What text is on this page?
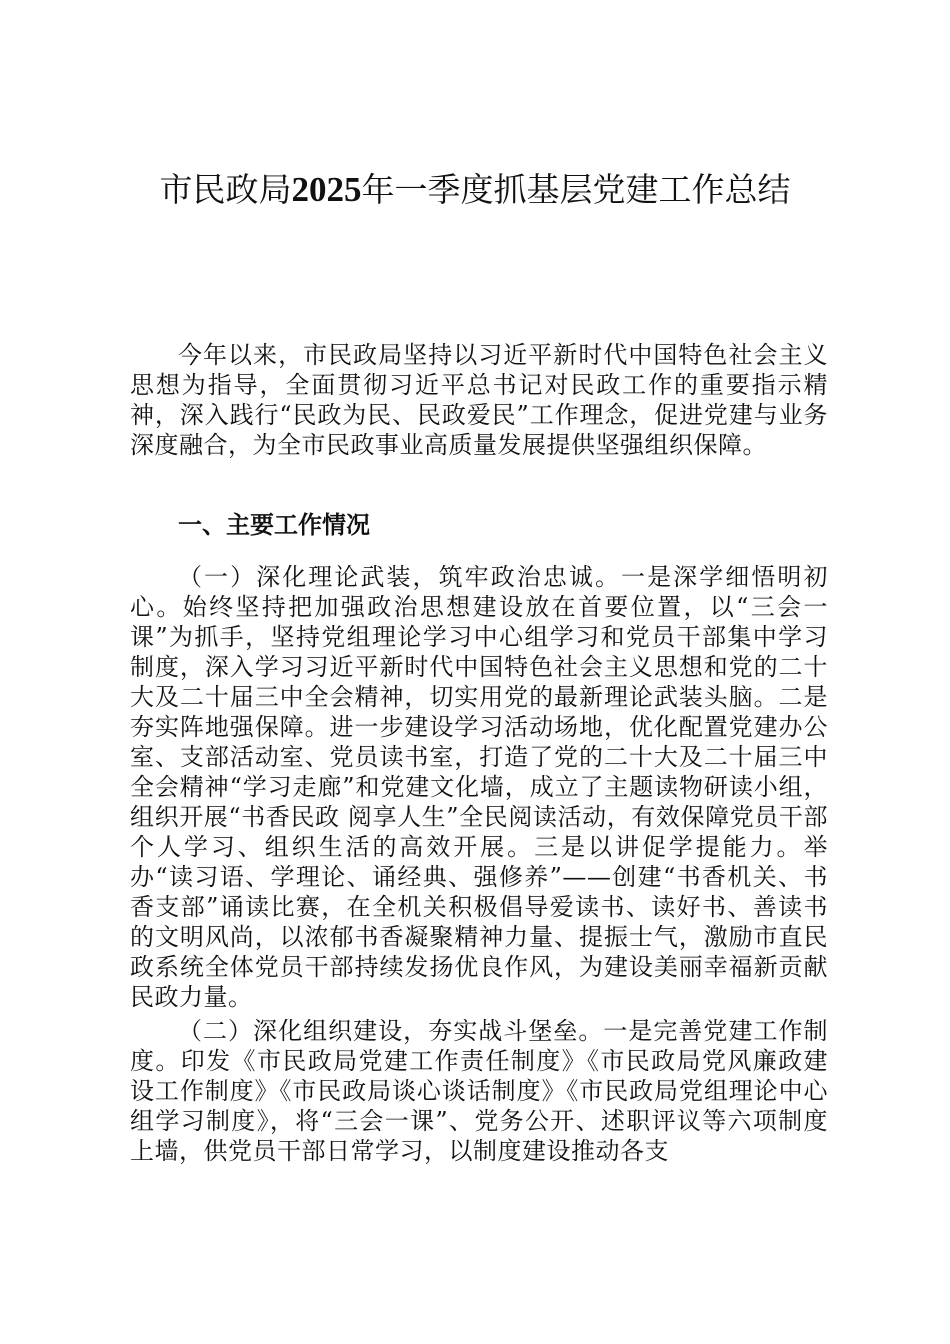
市民政局2025年一季度抓基层党建工作总结

今年以来，市民政局坚持以习近平新时代中国特色社会主义思想为指导，全面贯彻习近平总书记对民政工作的重要指示精神，深入践行“民政为民、民政爱民”工作理念，促进党建与业务深度融合，为全市民政事业高质量发展提供坚强组织保障。

一、主要工作情况

（一）深化理论武装，筑牢政治忠诚。一是深学细悟明初心。始终坚持把加强政治思想建设放在首要位置，以“三会一课”为抓手，坚持党组理论学习中心组学习和党员干部集中学习制度，深入学习习近平新时代中国特色社会主义思想和党的二十大及二十届三中全会精神，切实用党的最新理论武装头脑。二是夯实阵地强保障。进一步建设学习活动场地，优化配置党建办公室、支部活动室、党员读书室，打造了党的二十大及二十届三中全会精神“学习走廊”和党建文化墙，成立了主题读物研读小组，组织开展“书香民政 阅享人生”全民阅读活动，有效保障党员干部个人学习、组织生活的高效开展。三是以讲促学提能力。举办“读习语、学理论、诵经典、强修养”——创建“书香机关、书香支部”诵读比赛，在全机关积极倡导爱读书、读好书、善读书的文明风尚，以浓郁书香凝聚精神力量、提振士气，激励市直民政系统全体党员干部持续发扬优良作风，为建设美丽幸福新贡献民政力量。

（二）深化组织建设，夯实战斗堡垒。一是完善党建工作制度。印发《市民政局党建工作责任制度》《市民政局党风廉政建设工作制度》《市民政局谈心谈话制度》《市民政局党组理论中心组学习制度》，将“三会一课”、党务公开、述职评议等六项制度上墙，供党员干部日常学习，以制度建设推动各支
